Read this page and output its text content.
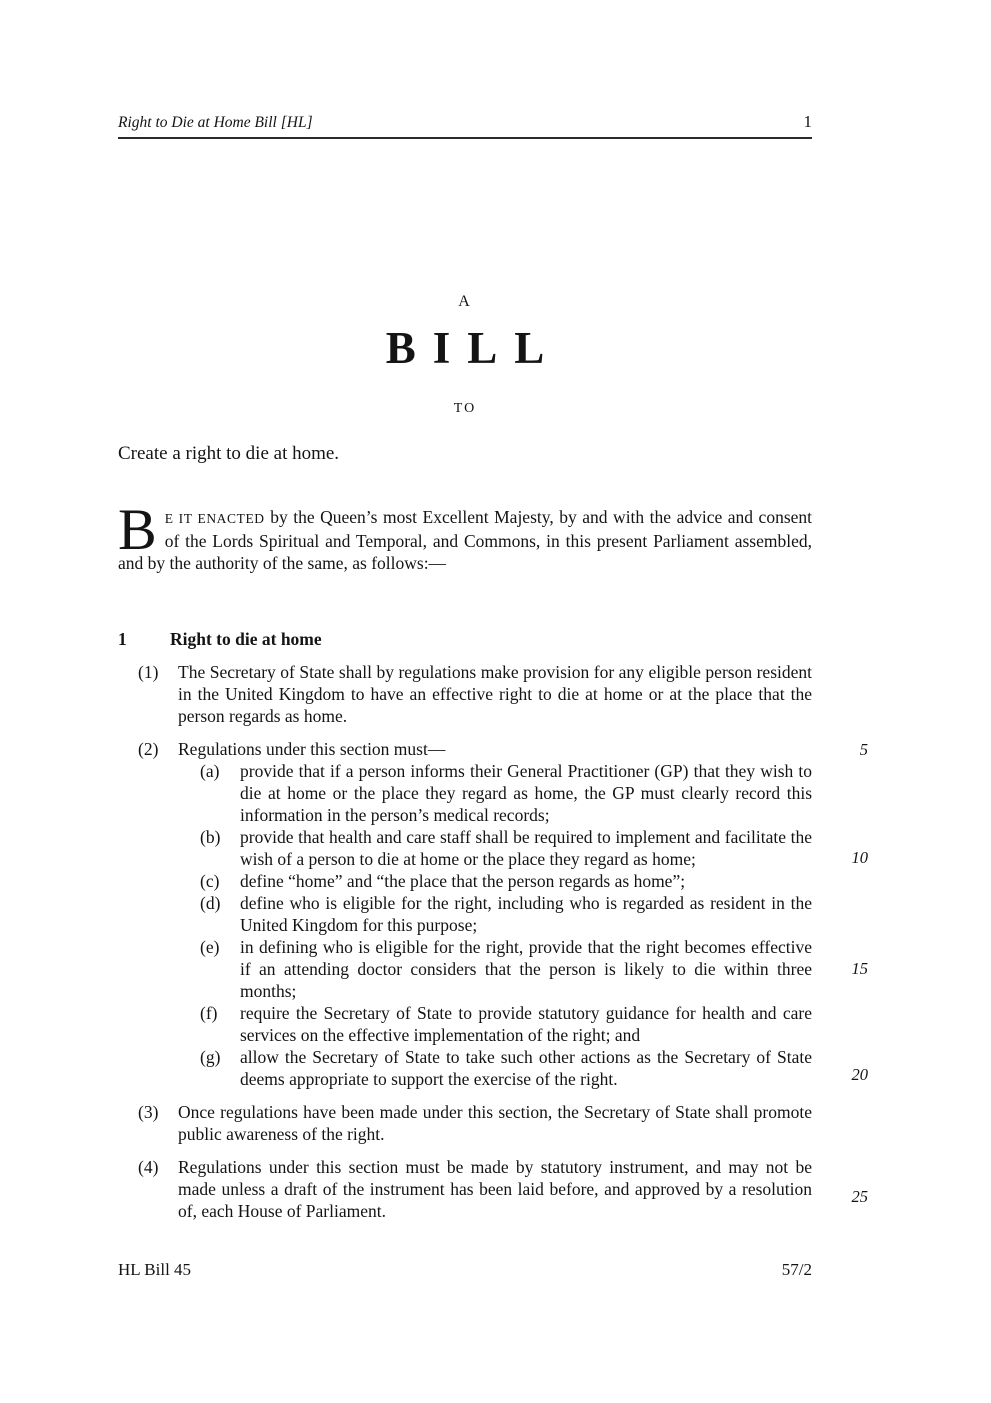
Right to Die at Home Bill [HL]	1
A
BILL
TO

Create a right to die at home.

B E IT ENACTED by the Queen’s most Excellent Majesty, by and with the advice and consent of the Lords Spiritual and Temporal, and Commons, in this present Parliament assembled, and by the authority of the same, as follows:—

1	Right to die at home
(1)	The Secretary of State shall by regulations make provision for any eligible person resident in the United Kingdom to have an effective right to die at home or at the place that the person regards as home.
(2)	Regulations under this section must—
(a)	provide that if a person informs their General Practitioner (GP) that they wish to die at home or the place they regard as home, the GP must clearly record this information in the person’s medical records;
(b)	provide that health and care staff shall be required to implement and facilitate the wish of a person to die at home or the place they regard as home;
(c)	define “home” and “the place that the person regards as home”;
(d)	define who is eligible for the right, including who is regarded as resident in the United Kingdom for this purpose;
(e)	in defining who is eligible for the right, provide that the right becomes effective if an attending doctor considers that the person is likely to die within three months;
(f)	require the Secretary of State to provide statutory guidance for health and care services on the effective implementation of the right; and
(g)	allow the Secretary of State to take such other actions as the Secretary of State deems appropriate to support the exercise of the right.
(3)	Once regulations have been made under this section, the Secretary of State shall promote public awareness of the right.
(4)	Regulations under this section must be made by statutory instrument, and may not be made unless a draft of the instrument has been laid before, and approved by a resolution of, each House of Parliament.
5
10
15
20
25
HL Bill 45	57/2
